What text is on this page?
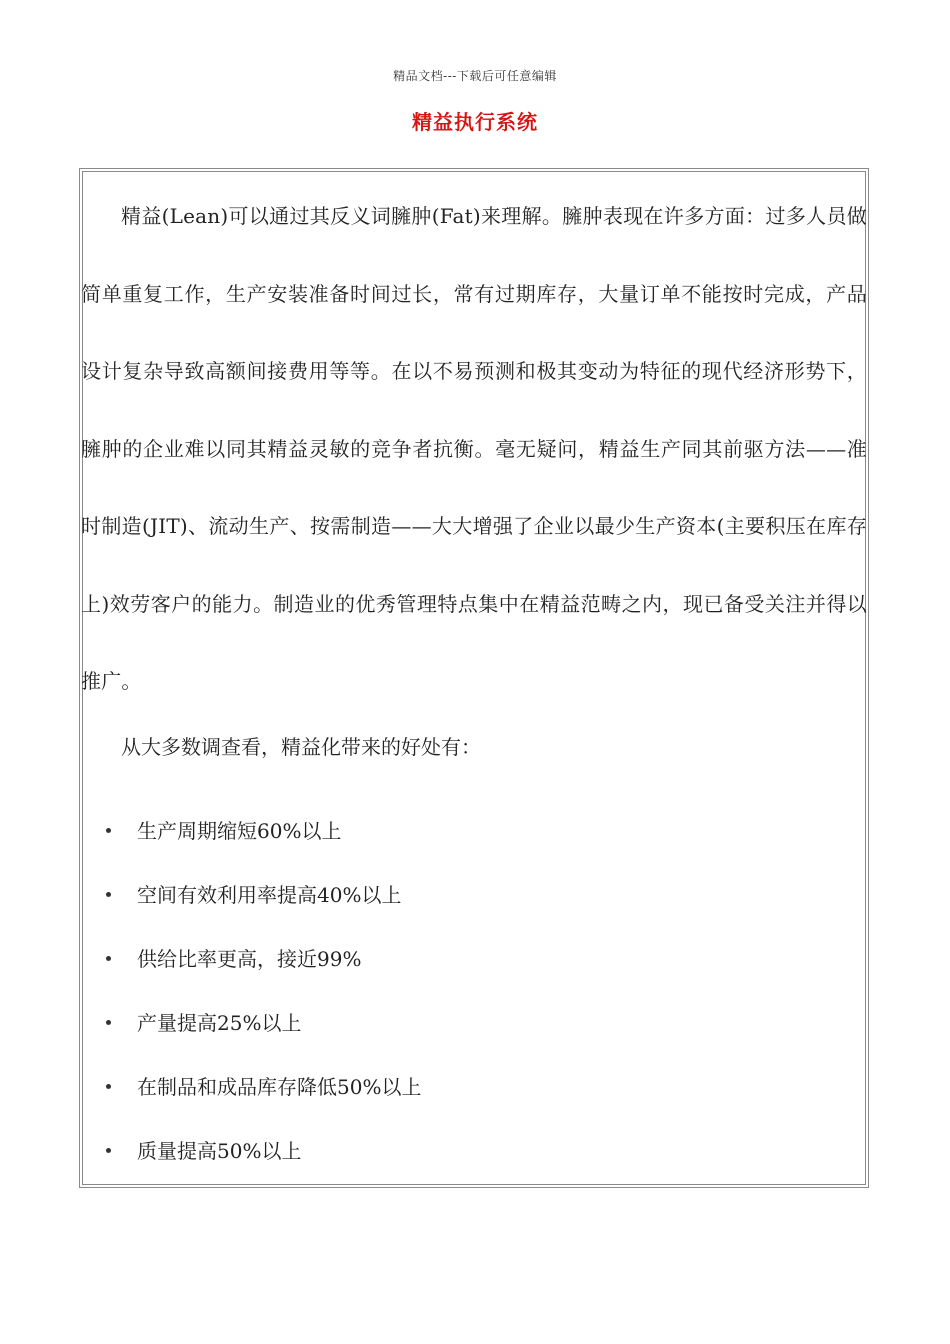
精品文档---下载后可任意编辑
精益执行系统

精益(Lean)可以通过其反义词臃肿(Fat)来理解。臃肿表现在许多方面：过多人员做简单重复工作，生产安装准备时间过长，常有过期库存，大量订单不能按时完成，产品设计复杂导致高额间接费用等等。在以不易预测和极其变动为特征的现代经济形势下，臃肿的企业难以同其精益灵敏的竞争者抗衡。毫无疑问，精益生产同其前驱方法——准时制造(JIT)、流动生产、按需制造——大大增强了企业以最少生产资本(主要积压在库存上)效劳客户的能力。制造业的优秀管理特点集中在精益范畴之内，现已备受关注并得以推广。

从大多数调查看，精益化带来的好处有：

生产周期缩短60%以上
空间有效利用率提高40%以上
供给比率更高，接近99%
产量提高25%以上
在制品和成品库存降低50%以上
质量提高50%以上
